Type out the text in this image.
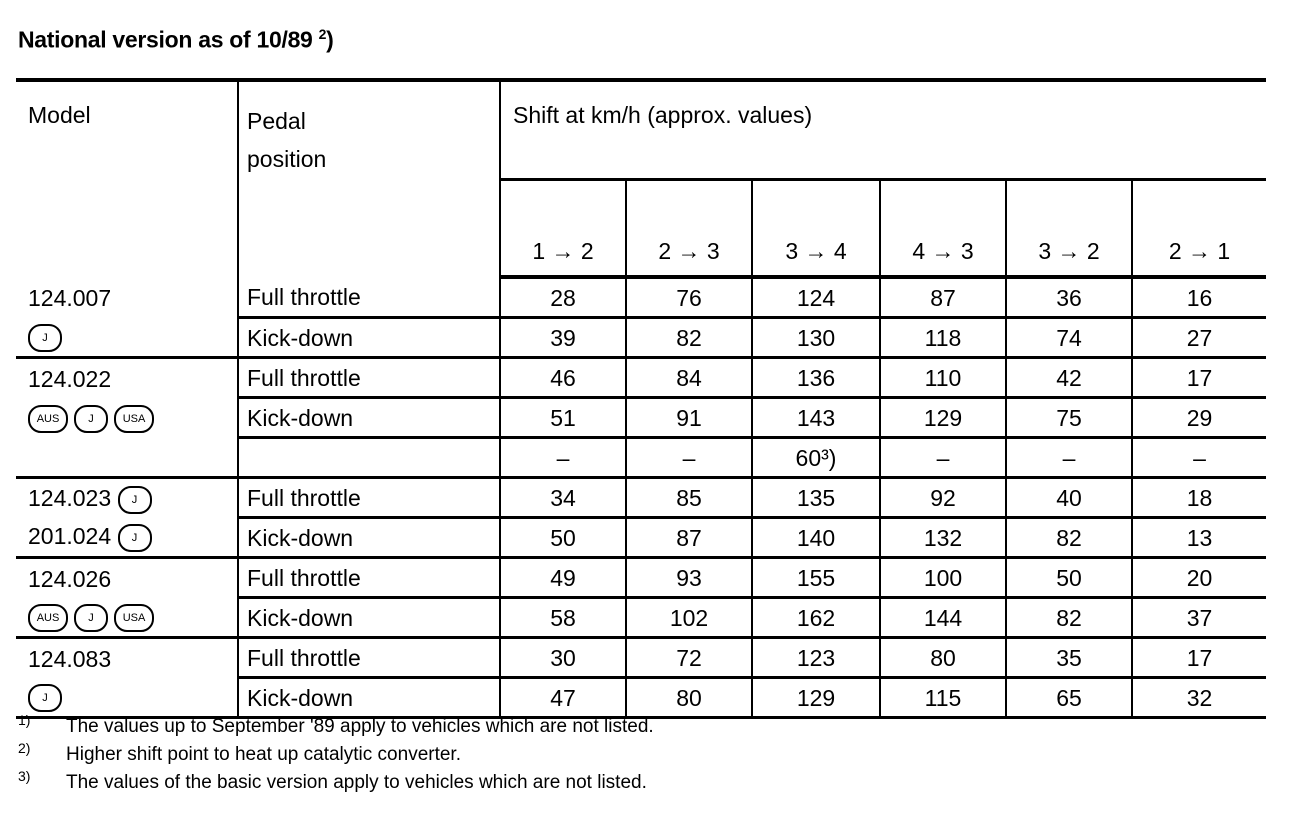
National version as of 10/89 $^2$)

Model	Pedal
position	Shift at km/h (approx. values)					
		1 → 2	2 → 3	3 → 4	4 → 3	3 → 2	2 → 1
124.007	Full throttle	28	76	124	87	36	16
J	Kick-down	39	82	130	118	74	27
124.022	Full throttle	46	84	136	110	42	17
AUS J USA	Kick-down	51	91	143	129	75	29
		–	–	60³)	–	–	–
124.023 J	Full throttle	34	85	135	92	40	18
201.024 J	Kick-down	50	87	140	132	82	13
124.026	Full throttle	49	93	155	100	50	20
AUS J USA	Kick-down	58	102	162	144	82	37
124.083	Full throttle	30	72	123	80	35	17
J	Kick-down	47	80	129	115	65	32
1)	The values up to September '89 apply to vehicles which are not listed.
2)	Higher shift point to heat up catalytic converter.
3)	The values of the basic version apply to vehicles which are not listed.
